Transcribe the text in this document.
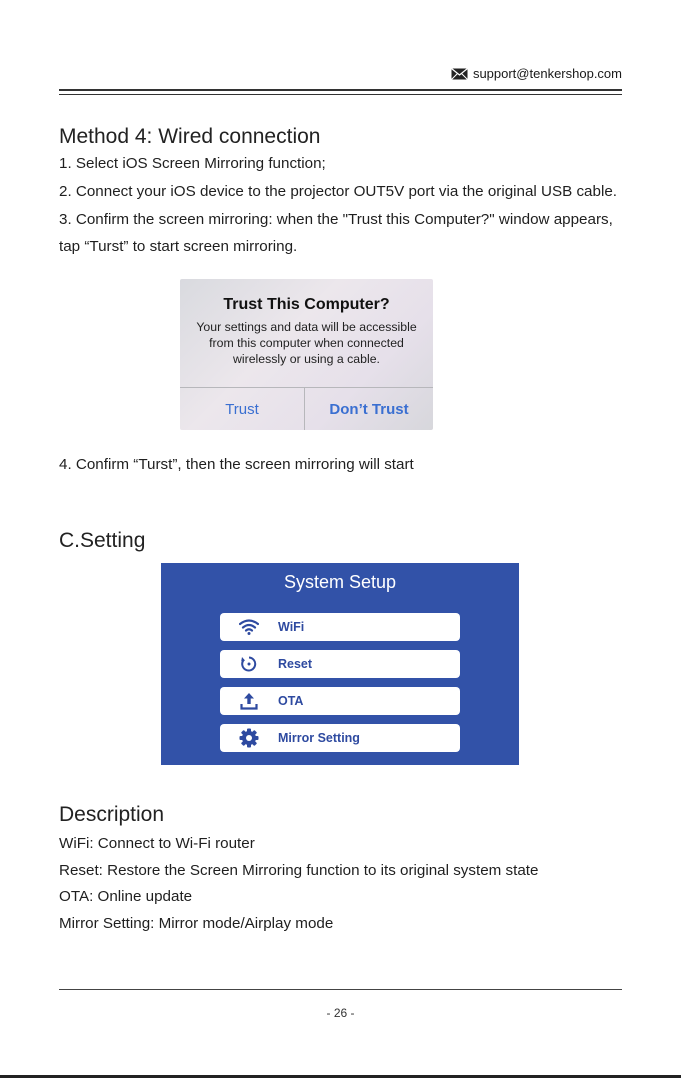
support@tenkershop.com
Method 4: Wired connection
1. Select iOS Screen Mirroring function;
2. Connect your iOS device to the projector OUT5V port via the original USB cable.
3. Confirm the screen mirroring: when the "Trust this Computer?" window appears,
tap “Turst” to start screen mirroring.
Trust This Computer?
Your settings and data will be accessible from this computer when connected wirelessly or using a cable.
Trust	Don’t Trust
4. Confirm “Turst”, then the screen mirroring will start
C.Setting
System Setup
WiFi
Reset
OTA
Mirror Setting
Description
WiFi: Connect to Wi-Fi router
Reset: Restore the Screen Mirroring function to its original system state
OTA: Online update
Mirror Setting: Mirror mode/Airplay mode
- 26 -
